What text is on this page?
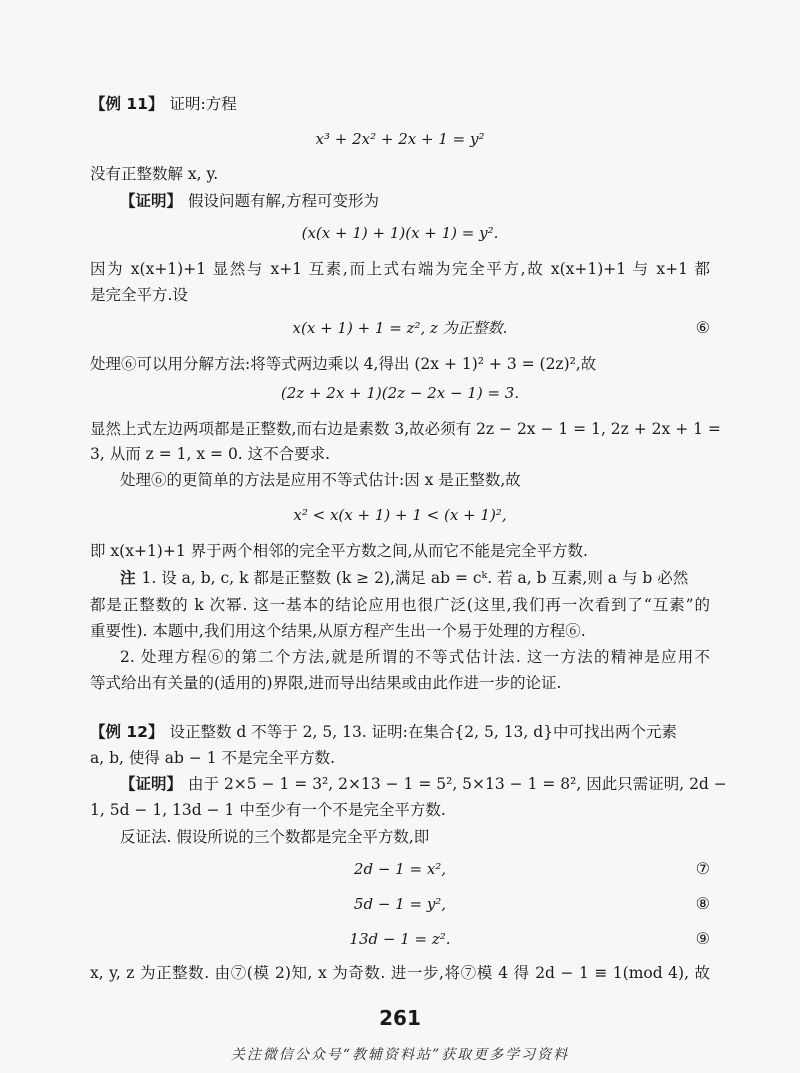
【例 11】 证明:方程
x³ + 2x² + 2x + 1 = y²
没有正整数解 x, y.
【证明】 假设问题有解,方程可变形为
(x(x + 1) + 1)(x + 1) = y².
因为 x(x+1)+1 显然与 x+1 互素,而上式右端为完全平方,故 x(x+1)+1 与 x+1 都
是完全平方.设
x(x + 1) + 1 = z², z 为正整数.	⑥
处理⑥可以用分解方法:将等式两边乘以 4,得出 (2x + 1)² + 3 = (2z)²,故
(2z + 2x + 1)(2z − 2x − 1) = 3.
显然上式左边两项都是正整数,而右边是素数 3,故必须有 2z − 2x − 1 = 1, 2z + 2x + 1 =
3, 从而 z = 1, x = 0. 这不合要求.
处理⑥的更简单的方法是应用不等式估计:因 x 是正整数,故
x² < x(x + 1) + 1 < (x + 1)²,
即 x(x+1)+1 界于两个相邻的完全平方数之间,从而它不能是完全平方数.
注 1. 设 a, b, c, k 都是正整数 (k ≥ 2),满足 ab = cᵏ. 若 a, b 互素,则 a 与 b 必然
都是正整数的 k 次幂. 这一基本的结论应用也很广泛(这里,我们再一次看到了“互素”的
重要性). 本题中,我们用这个结果,从原方程产生出一个易于处理的方程⑥.
2. 处理方程⑥的第二个方法,就是所谓的不等式估计法. 这一方法的精神是应用不
等式给出有关量的(适用的)界限,进而导出结果或由此作进一步的论证.
【例 12】 设正整数 d 不等于 2, 5, 13. 证明:在集合{2, 5, 13, d}中可找出两个元素
a, b, 使得 ab − 1 不是完全平方数.
【证明】 由于 2×5 − 1 = 3², 2×13 − 1 = 5², 5×13 − 1 = 8², 因此只需证明, 2d −
1, 5d − 1, 13d − 1 中至少有一个不是完全平方数.
反证法. 假设所说的三个数都是完全平方数,即
2d − 1 = x²,	⑦
5d − 1 = y²,	⑧
13d − 1 = z².	⑨
x, y, z 为正整数. 由⑦(模 2)知, x 为奇数. 进一步,将⑦模 4 得 2d − 1 ≡ 1(mod 4), 故
261
关注微信公众号“教辅资料站”获取更多学习资料
